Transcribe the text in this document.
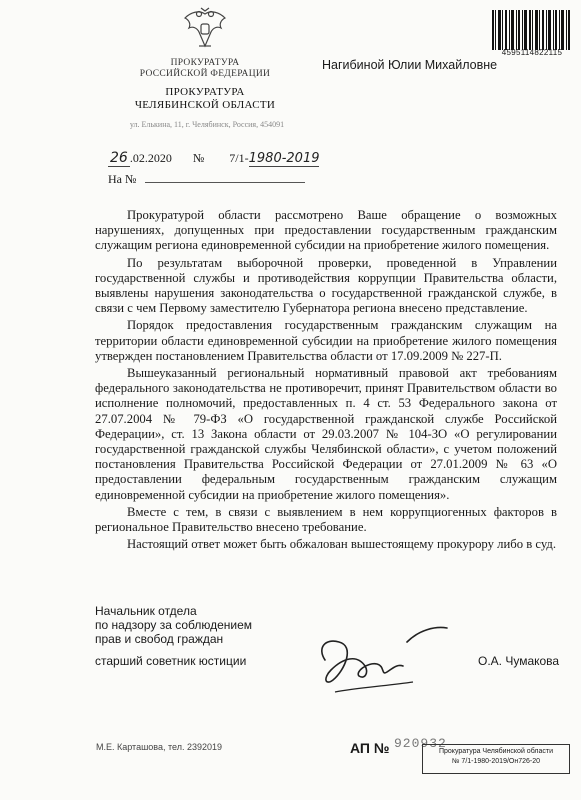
ПРОКУРАТУРА
РОССИЙСКОЙ ФЕДЕРАЦИИ
ПРОКУРАТУРА
ЧЕЛЯБИНСКОЙ ОБЛАСТИ
ул. Елькина, 11, г. Челябинск, Россия, 454091
4595114822115
Нагибиной Юлии Михайловне
26 .02.2020 № 7/1-1980-2019
На №

Прокуратурой области рассмотрено Ваше обращение о возможных нарушениях, допущенных при предоставлении государственным гражданским служащим региона единовременной субсидии на приобретение жилого помещения.

По результатам выборочной проверки, проведенной в Управлении государственной службы и противодействия коррупции Правительства области, выявлены нарушения законодательства о государственной гражданской службе, в связи с чем Первому заместителю Губернатора региона внесено представление.

Порядок предоставления государственным гражданским служащим на территории области единовременной субсидии на приобретение жилого помещения утвержден постановлением Правительства области от 17.09.2009 № 227-П.

Вышеуказанный региональный нормативный правовой акт требованиям федерального законодательства не противоречит, принят Правительством области во исполнение полномочий, предоставленных п. 4 ст. 53 Федерального закона от 27.07.2004 № 79-ФЗ «О государственной гражданской службе Российской Федерации», ст. 13 Закона области от 29.03.2007 № 104-ЗО «О регулировании государственной гражданской службы Челябинской области», с учетом положений постановления Правительства Российской Федерации от 27.01.2009 № 63 «О предоставлении федеральным государственным гражданским служащим единовременной субсидии на приобретение жилого помещения».

Вместе с тем, в связи с выявлением в нем коррупциогенных факторов в региональное Правительство внесено требование.

Настоящий ответ может быть обжалован вышестоящему прокурору либо в суд.

Начальник отдела
по надзору за соблюдением
прав и свобод граждан
старший советник юстиции	О.А. Чумакова
М.Е. Карташова, тел. 2392019	АП № 920932
Прокуратура Челябинской области
№ 7/1-1980-2019/Он726-20
